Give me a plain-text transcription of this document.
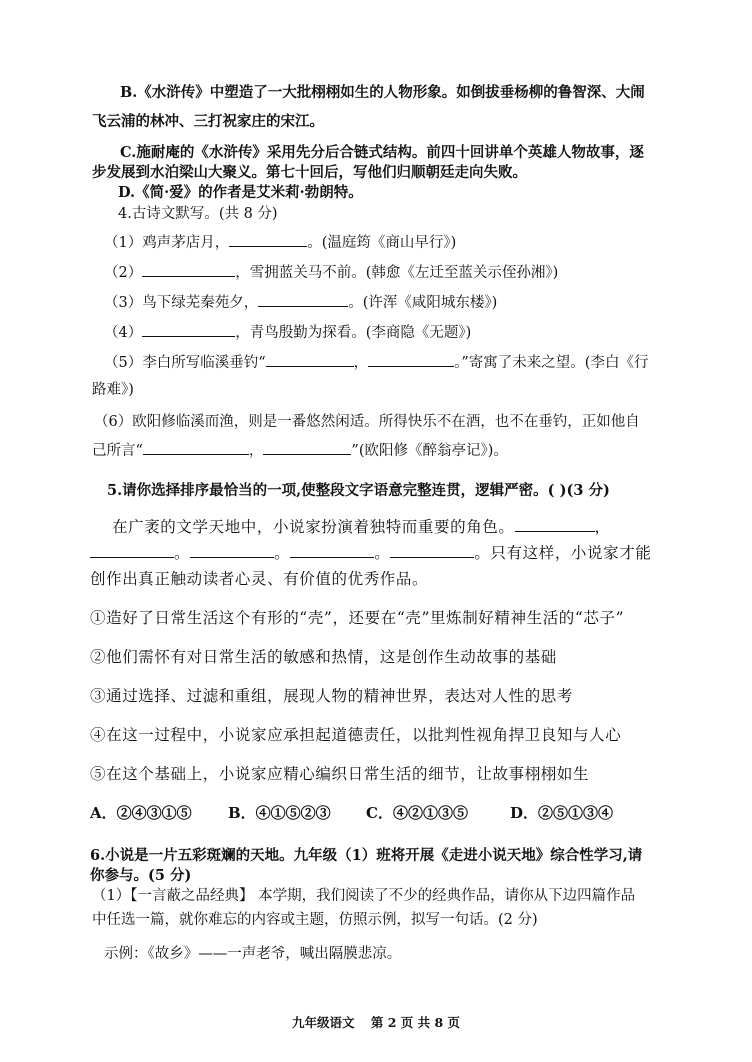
B.《水浒传》中塑造了一大批栩栩如生的人物形象。如倒拔垂杨柳的鲁智深、大闹
飞云浦的林冲、三打祝家庄的宋江。
C.施耐庵的《水浒传》采用先分后合链式结构。前四十回讲单个英雄人物故事，逐
步发展到水泊梁山大聚义。第七十回后，写他们归顺朝廷走向失败。
D.《简·爱》的作者是艾米莉·勃朗特。
4.古诗文默写。(共 8 分)
（1）鸡声茅店月，	。(温庭筠《商山早行》)
（2）	，雪拥蓝关马不前。(韩愈《左迁至蓝关示侄孙湘》)
（3）鸟下绿芜秦苑夕，	。(许浑《咸阳城东楼》)
（4）	，青鸟殷勤为探看。(李商隐《无题》)
（5）李白所写临溪垂钓“	，	。”寄寓了未来之望。(李白《行
路难》)
（6）欧阳修临溪而渔，则是一番悠然闲适。所得快乐不在酒，也不在垂钓，正如他自
己所言“	，	”(欧阳修《醉翁亭记》)。
5.请你选择排序最恰当的一项,使整段文字语意完整连贯，逻辑严密。( )(3 分)
在广袤的文学天地中，小说家扮演着独特而重要的角色。	，
。	。	。	。只有这样，小说家才能
创作出真正触动读者心灵、有价值的优秀作品。
①造好了日常生活这个有形的“壳”，还要在“壳”里炼制好精神生活的“芯子”
②他们需怀有对日常生活的敏感和热情，这是创作生动故事的基础
③通过选择、过滤和重组，展现人物的精神世界，表达对人性的思考
④在这一过程中，小说家应承担起道德责任，以批判性视角捍卫良知与人心
⑤在这个基础上，小说家应精心编织日常生活的细节，让故事栩栩如生
A．②④③①⑤ B．④①⑤②③ C．④②①③⑤	D．②⑤①③④
6.小说是一片五彩斑斓的天地。九年级（1）班将开展《走进小说天地》综合性学习,请
你参与。(5 分)
（1）【一言蔽之品经典】 本学期，我们阅读了不少的经典作品，请你从下边四篇作品
中任选一篇，就你难忘的内容或主题，仿照示例，拟写一句话。(2 分)
示例：《故乡》——一声老爷，喊出隔膜悲凉。
九年级语文 第 2 页 共 8 页
